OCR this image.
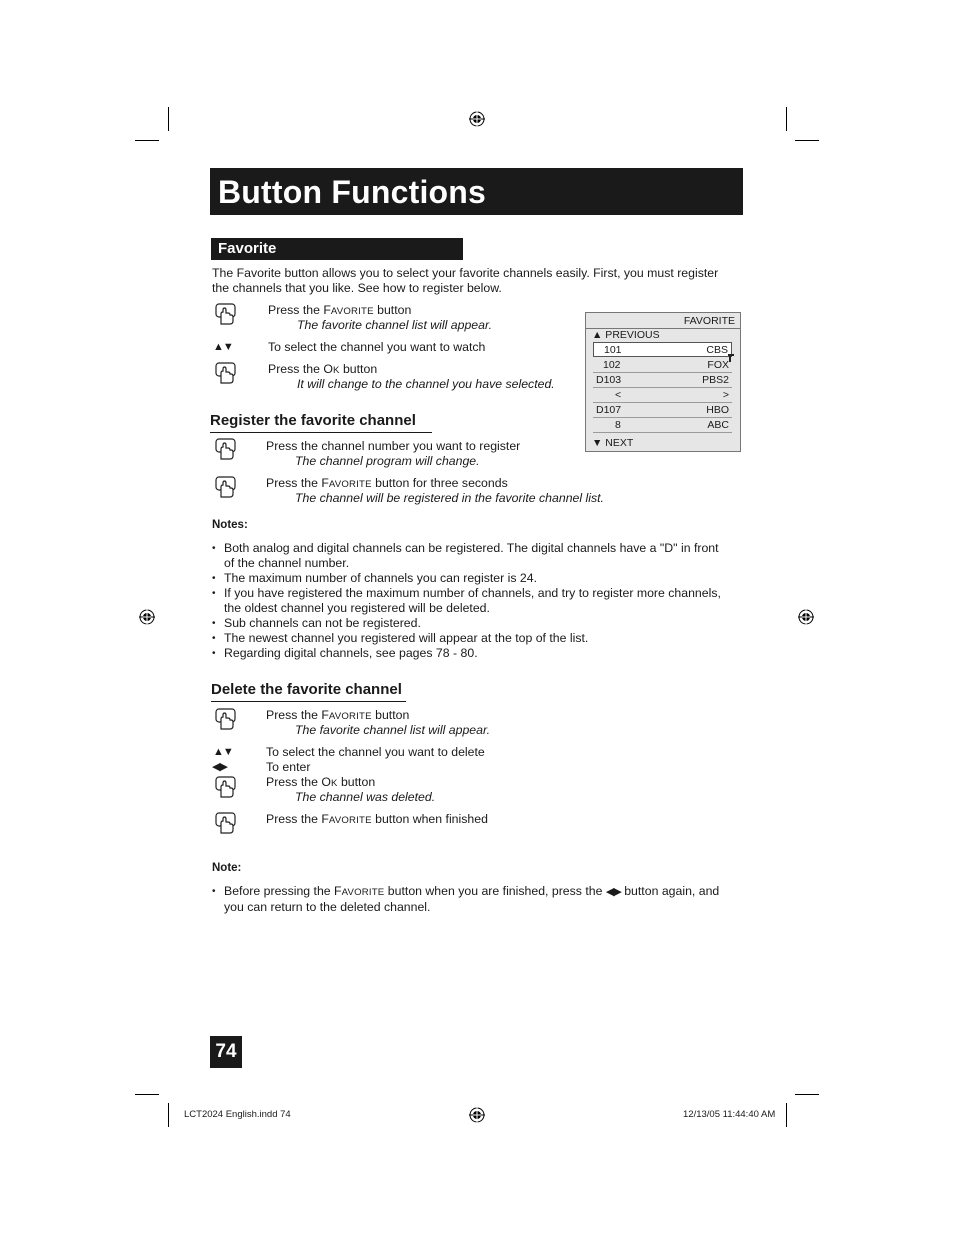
Button Functions
Favorite
The Favorite button allows you to select your favorite channels easily. First, you must register
the channels that you like. See how to register below.
Press the FAVORITE button
The favorite channel list will appear.
▲▼	To select the channel you want to watch
Press the OK button
It will change to the channel you have selected.
FAVORITE
▲ PREVIOUS
101	CBS
102	FOX
D103	PBS2
<	>
D107	HBO
8	ABC
▼ NEXT
Register the favorite channel
Press the channel number you want to register
The channel program will change.
Press the FAVORITE button for three seconds
The channel will be registered in the favorite channel list.
Notes:
• Both analog and digital channels can be registered. The digital channels have a "D" in front
of the channel number.
• The maximum number of channels you can register is 24.
• If you have registered the maximum number of channels, and try to register more channels,
the oldest channel you registered will be deleted.
• Sub channels can not be registered.
• The newest channel you registered will appear at the top of the list.
• Regarding digital channels, see pages 78 - 80.
Delete the favorite channel
Press the FAVORITE button
The favorite channel list will appear.
▲▼	To select the channel you want to delete
◀▶	To enter
Press the OK button
The channel was deleted.
Press the FAVORITE button when finished
Note:
• Before pressing the FAVORITE button when you are finished, press the ◀▶ button again, and
you can return to the deleted channel.
74
LCT2024 English.indd 74	12/13/05 11:44:40 AM
